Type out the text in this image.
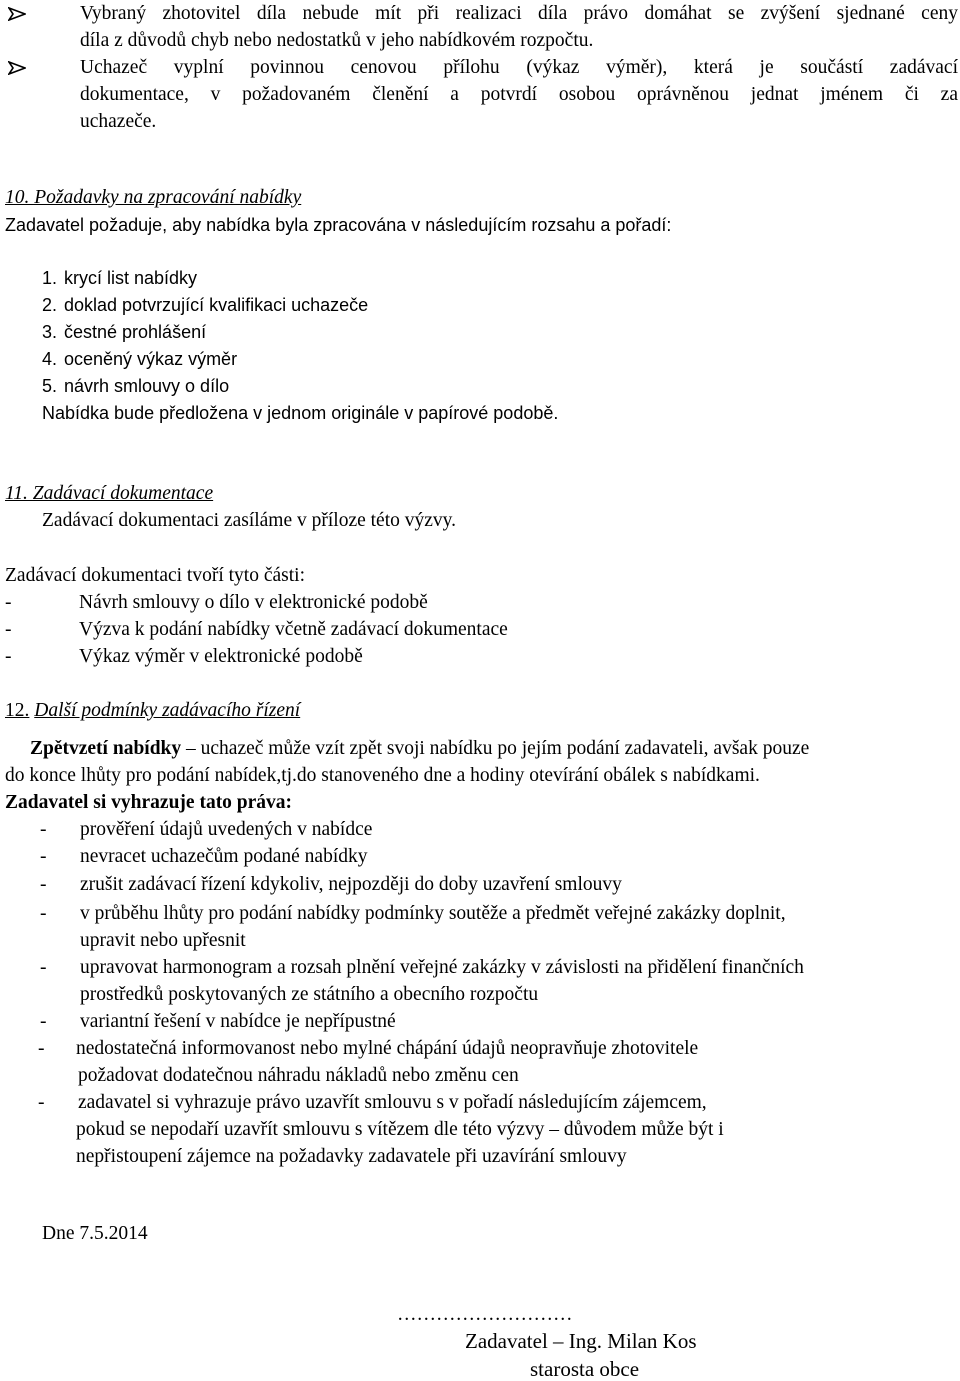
Vybraný zhotovitel díla nebude mít při realizaci díla právo domáhat se zvýšení sjednané ceny
díla z důvodů chyb nebo nedostatků v jeho nabídkovém rozpočtu.
Uchazeč vyplní povinnou cenovou přílohu (výkaz výměr), která je součástí zadávací
dokumentace, v požadovaném členění a potvrdí osobou oprávněnou jednat jménem či za
uchazeče.
10. Požadavky na zpracování nabídky
Zadavatel požaduje, aby nabídka byla zpracována v následujícím rozsahu a pořadí:
1. krycí list nabídky
2. doklad potvrzující kvalifikaci uchazeče
3. čestné prohlášení
4. oceněný výkaz výměr
5. návrh smlouvy o dílo
Nabídka bude předložena v jednom originále v papírové podobě.
11. Zadávací dokumentace
Zadávací dokumentaci zasíláme v příloze této výzvy.
Zadávací dokumentaci tvoří tyto části:
-	Návrh smlouvy o dílo v elektronické podobě
-	Výzva k podání nabídky včetně zadávací dokumentace
-	Výkaz výměr v elektronické podobě
12. Další podmínky zadávacího řízení
Zpětvzetí nabídky – uchazeč může vzít zpět svoji nabídku po jejím podání zadavateli, avšak pouze
do konce lhůty pro podání nabídek,tj.do stanoveného dne a hodiny otevírání obálek s nabídkami.
Zadavatel si vyhrazuje tato práva:
- prověření údajů uvedených v nabídce
- nevracet uchazečům podané nabídky
- zrušit zadávací řízení kdykoliv, nejpozději do doby uzavření smlouvy
- v průběhu lhůty pro podání nabídky podmínky soutěže a předmět veřejné zakázky doplnit,
upravit nebo upřesnit
- upravovat harmonogram a rozsah plnění veřejné zakázky v závislosti na přidělení finančních
prostředků poskytovaných ze státního a obecního rozpočtu
- variantní řešení v nabídce je nepřípustné
- nedostatečná informovanost nebo mylné chápání údajů neopravňuje zhotovitele
požadovat dodatečnou náhradu nákladů nebo změnu cen
- zadavatel si vyhrazuje právo uzavřít smlouvu s v pořadí následujícím zájemcem,
pokud se nepodaří uzavřít smlouvu s vítězem dle této výzvy – důvodem může být i
nepřistoupení zájemce na požadavky zadavatele při uzavírání smlouvy
Dne 7.5.2014
………………………
Zadavatel – Ing. Milan Kos
starosta obce
